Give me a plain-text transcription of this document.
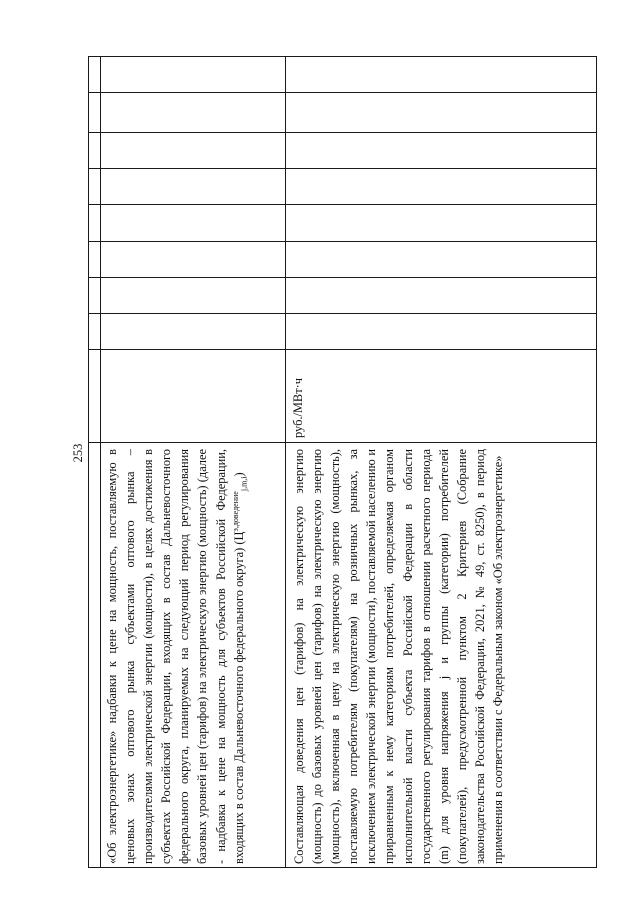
253 «Об электроэнергетике» надбавки к цене на мощность, поставляемую в ценовых зонах оптового рынка субъектами оптового рынка – производителями электрической энергии (мощности), в целях достижения в субъектах Российской Федерации, входящих в состав Дальневосточного федерального округа, планируемых на следующий период регулирования базовых уровней цен (тарифов) на электрическую энергию (мощность) (далее - надбавка к цене на мощность для субъектов Российской Федерации, входящих в состав Дальневосточного федерального округа) $(Ц^{э,доведение}_{j,m,i})$	Составляющая доведения цен (тарифов) на электрическую энергию (мощность) до базовых уровней цен (тарифов) на электрическую энергию (мощность), включенная в цену на электрическую энергию (мощность), поставляемую потребителям (покупателям) на розничных рынках, за исключением электрической энергии (мощности), поставляемой населению и приравненным к нему категориям потребителей, определяемая органом исполнительной власти субъекта Российской Федерации в области государственного регулирования тарифов в отношении расчетного периода (m) для уровня напряжения j и группы (категории) потребителей (покупателей), предусмотренной пунктом 2 Критериев (Собрание законодательства Российской Федерации, 2021, № 49, ст. 8250), в период применения в соответствии с Федеральным законом «Об электроэнергетике»
руб./МВт·ч
